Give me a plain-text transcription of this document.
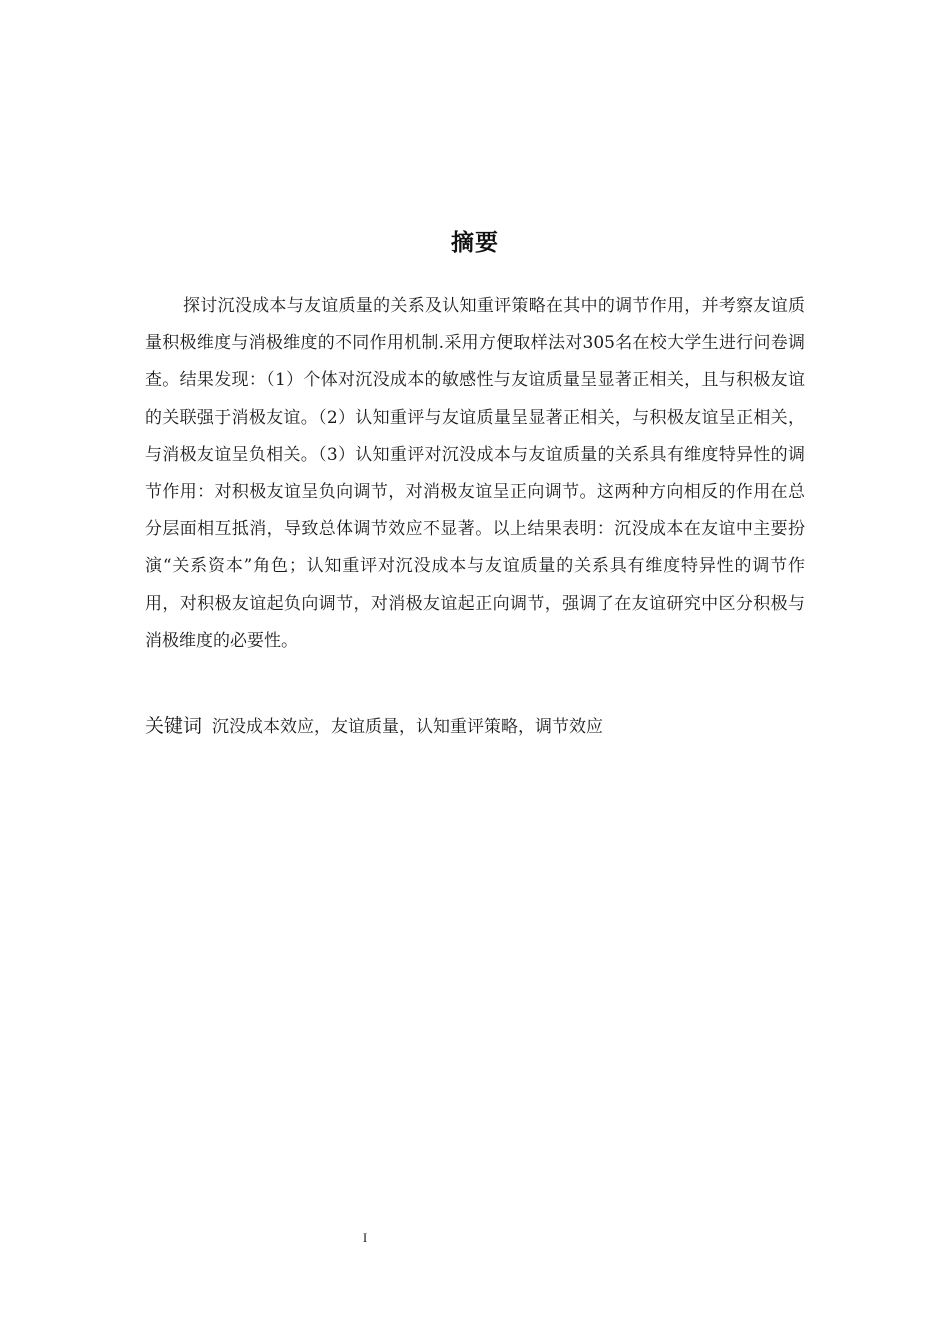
摘要

探讨沉没成本与友谊质量的关系及认知重评策略在其中的调节作用，并考察友谊质量积极维度与消极维度的不同作用机制.采用方便取样法对305名在校大学生进行问卷调查。结果发现：（1）个体对沉没成本的敏感性与友谊质量呈显著正相关，且与积极友谊的关联强于消极友谊。（2）认知重评与友谊质量呈显著正相关，与积极友谊呈正相关，与消极友谊呈负相关。（3）认知重评对沉没成本与友谊质量的关系具有维度特异性的调节作用：对积极友谊呈负向调节，对消极友谊呈正向调节。这两种方向相反的作用在总分层面相互抵消，导致总体调节效应不显著。以上结果表明：沉没成本在友谊中主要扮演“关系资本”角色；认知重评对沉没成本与友谊质量的关系具有维度特异性的调节作用，对积极友谊起负向调节，对消极友谊起正向调节，强调了在友谊研究中区分积极与消极维度的必要性。

关键词 沉没成本效应，友谊质量，认知重评策略，调节效应
I
